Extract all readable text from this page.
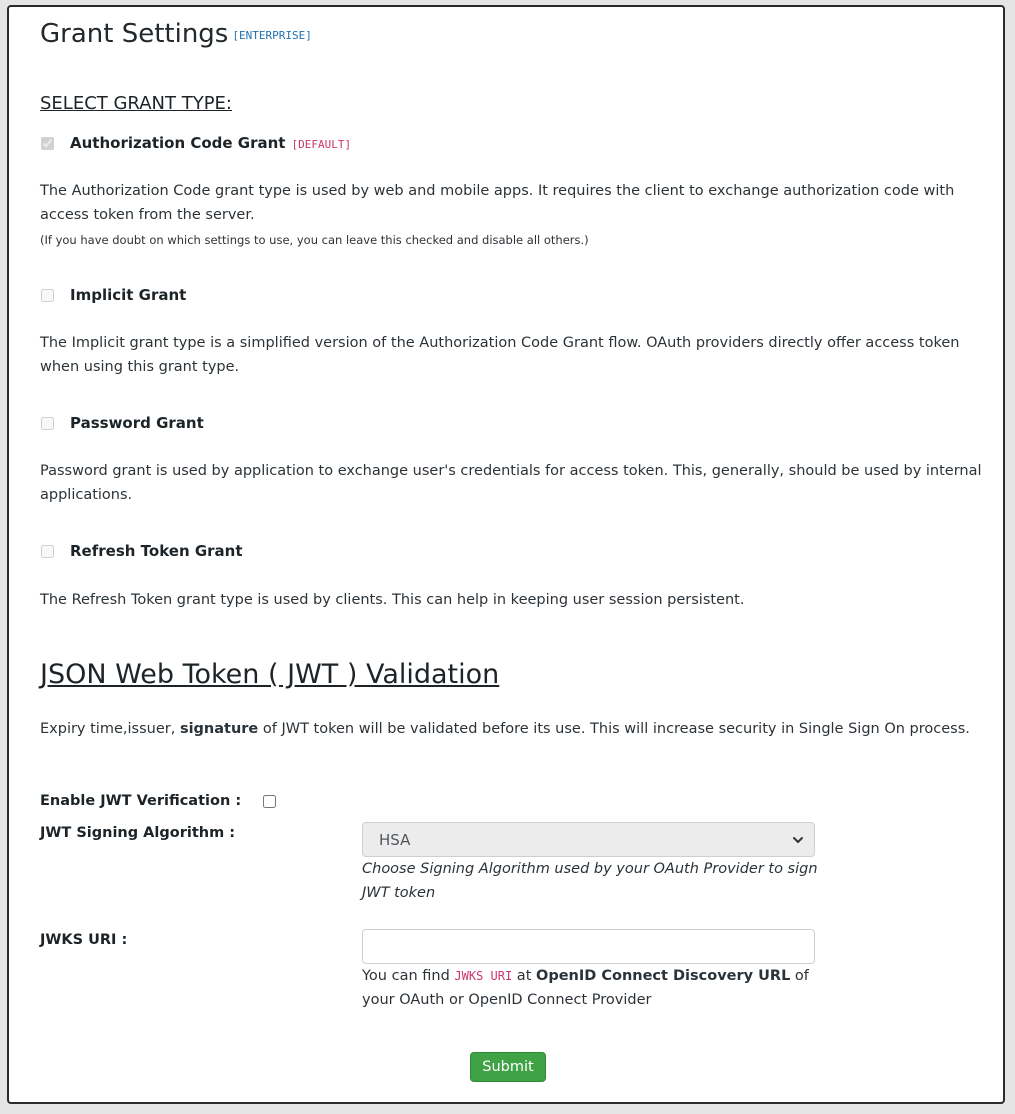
Grant Settings [ENTERPRISE]
SELECT GRANT TYPE:
Authorization Code Grant [DEFAULT]

The Authorization Code grant type is used by web and mobile apps. It requires the client to exchange authorization code with access token from the server.

(If you have doubt on which settings to use, you can leave this checked and disable all others.)

Implicit Grant

The Implicit grant type is a simplified version of the Authorization Code Grant flow. OAuth providers directly offer access token when using this grant type.

Password Grant

Password grant is used by application to exchange user's credentials for access token. This, generally, should be used by internal applications.

Refresh Token Grant

The Refresh Token grant type is used by clients. This can help in keeping user session persistent.

JSON Web Token ( JWT ) Validation

Expiry time,issuer, signature of JWT token will be validated before its use. This will increase security in Single Sign On process.

Enable JWT Verification :

JWT Signing Algorithm :	HSA

Choose Signing Algorithm used by your OAuth Provider to sign JWT token

JWKS URI :

You can find JWKS URI at OpenID Connect Discovery URL of your OAuth or OpenID Connect Provider

Submit
